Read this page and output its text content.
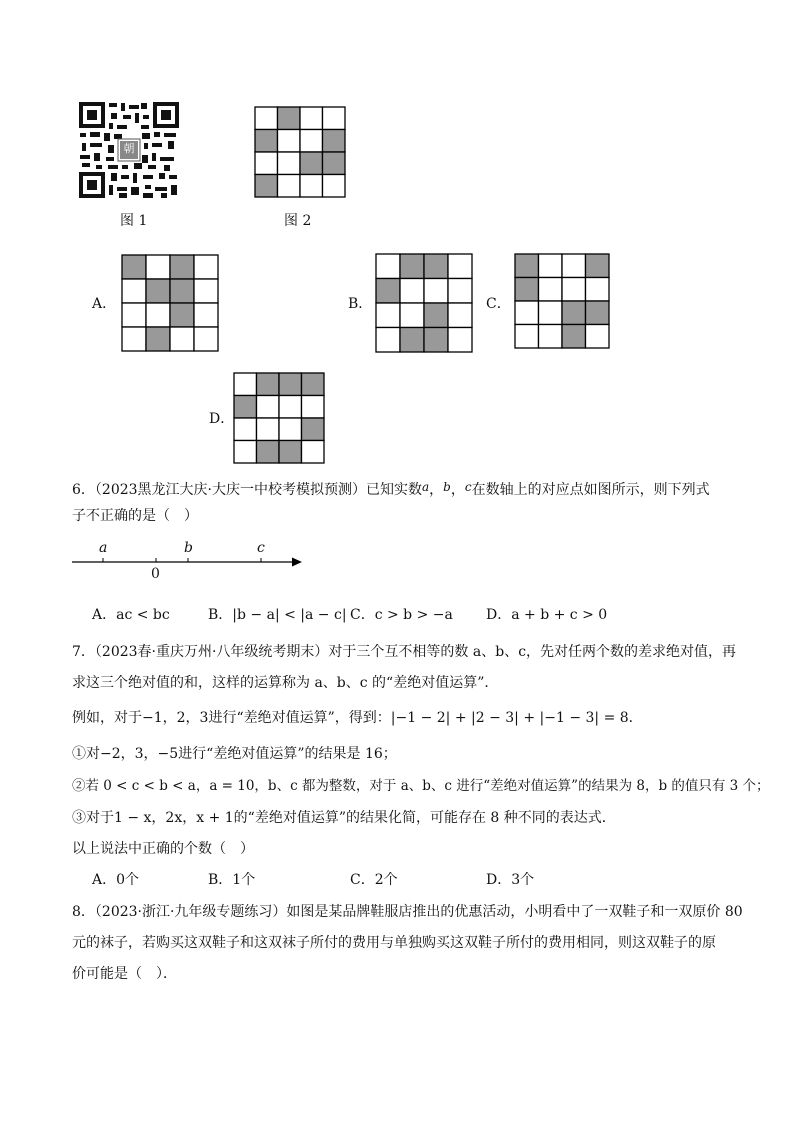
朝
图 1	图 2
A．	B．	C．
D．
6．（2023黑龙江大庆·大庆一中校考模拟预测）已知实数a，b，c在数轴上的对应点如图所示，则下列式
子不正确的是（　）
a	b	c
0
A．ac < bc	B．|b − a| < |a − c| C．c > b > −a D．a + b + c > 0
7．（2023春·重庆万州·八年级统考期末）对于三个互不相等的数 a、b、c，先对任两个数的差求绝对值，再
求这三个绝对值的和，这样的运算称为 a、b、c 的“差绝对值运算”．
例如，对于−1，2，3进行“差绝对值运算”，得到：|−1 − 2| + |2 − 3| + |−1 − 3| = 8．
①对−2，3，−5进行“差绝对值运算”的结果是 16；
②若 0 < c < b < a，a = 10，b、c 都为整数，对于 a、b、c 进行“差绝对值运算”的结果为 8，b 的值只有 3 个；
③对于1 − x，2x，x + 1的“差绝对值运算”的结果化简，可能存在 8 种不同的表达式．
以上说法中正确的个数（　）
A．0个	B．1个	C．2个	D．3个
8．（2023·浙江·九年级专题练习）如图是某品牌鞋服店推出的优惠活动，小明看中了一双鞋子和一双原价 80
元的袜子，若购买这双鞋子和这双袜子所付的费用与单独购买这双鞋子所付的费用相同，则这双鞋子的原
价可能是（　）．
